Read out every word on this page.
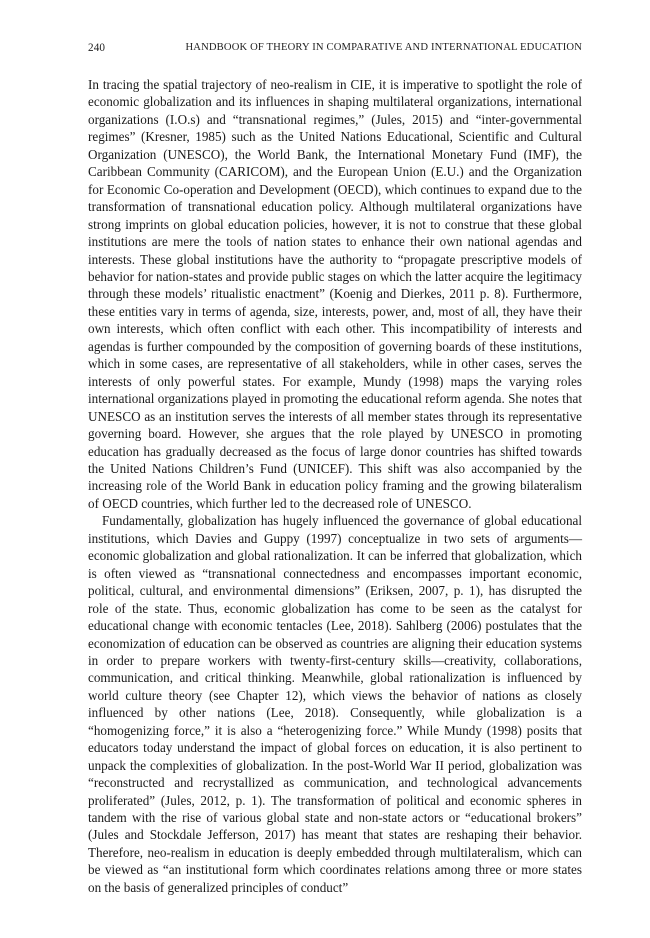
240	HANDBOOK OF THEORY IN COMPARATIVE AND INTERNATIONAL EDUCATION

In tracing the spatial trajectory of neo-realism in CIE, it is imperative to spotlight the role of economic globalization and its influences in shaping multilateral organizations, international organizations (I.O.s) and “transnational regimes,” (Jules, 2015) and “inter-governmental regimes” (Kresner, 1985) such as the United Nations Educational, Scientific and Cultural Organization (UNESCO), the World Bank, the International Monetary Fund (IMF), the Caribbean Community (CARICOM), and the European Union (E.U.) and the Organization for Economic Co-operation and Development (OECD), which continues to expand due to the transformation of transnational education policy. Although multilateral organizations have strong imprints on global education policies, however, it is not to construe that these global institutions are mere the tools of nation states to enhance their own national agendas and interests. These global institutions have the authority to “propagate prescriptive models of behavior for nation-states and provide public stages on which the latter acquire the legitimacy through these models’ ritualistic enactment” (Koenig and Dierkes, 2011 p. 8). Furthermore, these entities vary in terms of agenda, size, interests, power, and, most of all, they have their own interests, which often conflict with each other. This incompatibility of interests and agendas is further compounded by the composition of governing boards of these institutions, which in some cases, are representative of all stakeholders, while in other cases, serves the interests of only powerful states. For example, Mundy (1998) maps the varying roles international organizations played in promoting the educational reform agenda. She notes that UNESCO as an institution serves the interests of all member states through its representative governing board. However, she argues that the role played by UNESCO in promoting education has gradually decreased as the focus of large donor countries has shifted towards the United Nations Children’s Fund (UNICEF). This shift was also accompanied by the increasing role of the World Bank in education policy framing and the growing bilateralism of OECD countries, which further led to the decreased role of UNESCO.

Fundamentally, globalization has hugely influenced the governance of global educational institutions, which Davies and Guppy (1997) conceptualize in two sets of arguments—economic globalization and global rationalization. It can be inferred that globalization, which is often viewed as “transnational connectedness and encompasses important economic, political, cultural, and environmental dimensions” (Eriksen, 2007, p. 1), has disrupted the role of the state. Thus, economic globalization has come to be seen as the catalyst for educational change with economic tentacles (Lee, 2018). Sahlberg (2006) postulates that the economization of education can be observed as countries are aligning their education systems in order to prepare workers with twenty-first-century skills—creativity, collaborations, communication, and critical thinking. Meanwhile, global rationalization is influenced by world culture theory (see Chapter 12), which views the behavior of nations as closely influenced by other nations (Lee, 2018). Consequently, while globalization is a “homogenizing force,” it is also a “heterogenizing force.” While Mundy (1998) posits that educators today understand the impact of global forces on education, it is also pertinent to unpack the complexities of globalization. In the post-World War II period, globalization was “reconstructed and recrystallized as communication, and technological advancements proliferated” (Jules, 2012, p. 1). The transformation of political and economic spheres in tandem with the rise of various global state and non-state actors or “educational brokers” (Jules and Stockdale Jefferson, 2017) has meant that states are reshaping their behavior. Therefore, neo-realism in education is deeply embedded through multilateralism, which can be viewed as “an institutional form which coordinates relations among three or more states on the basis of generalized principles of conduct”
